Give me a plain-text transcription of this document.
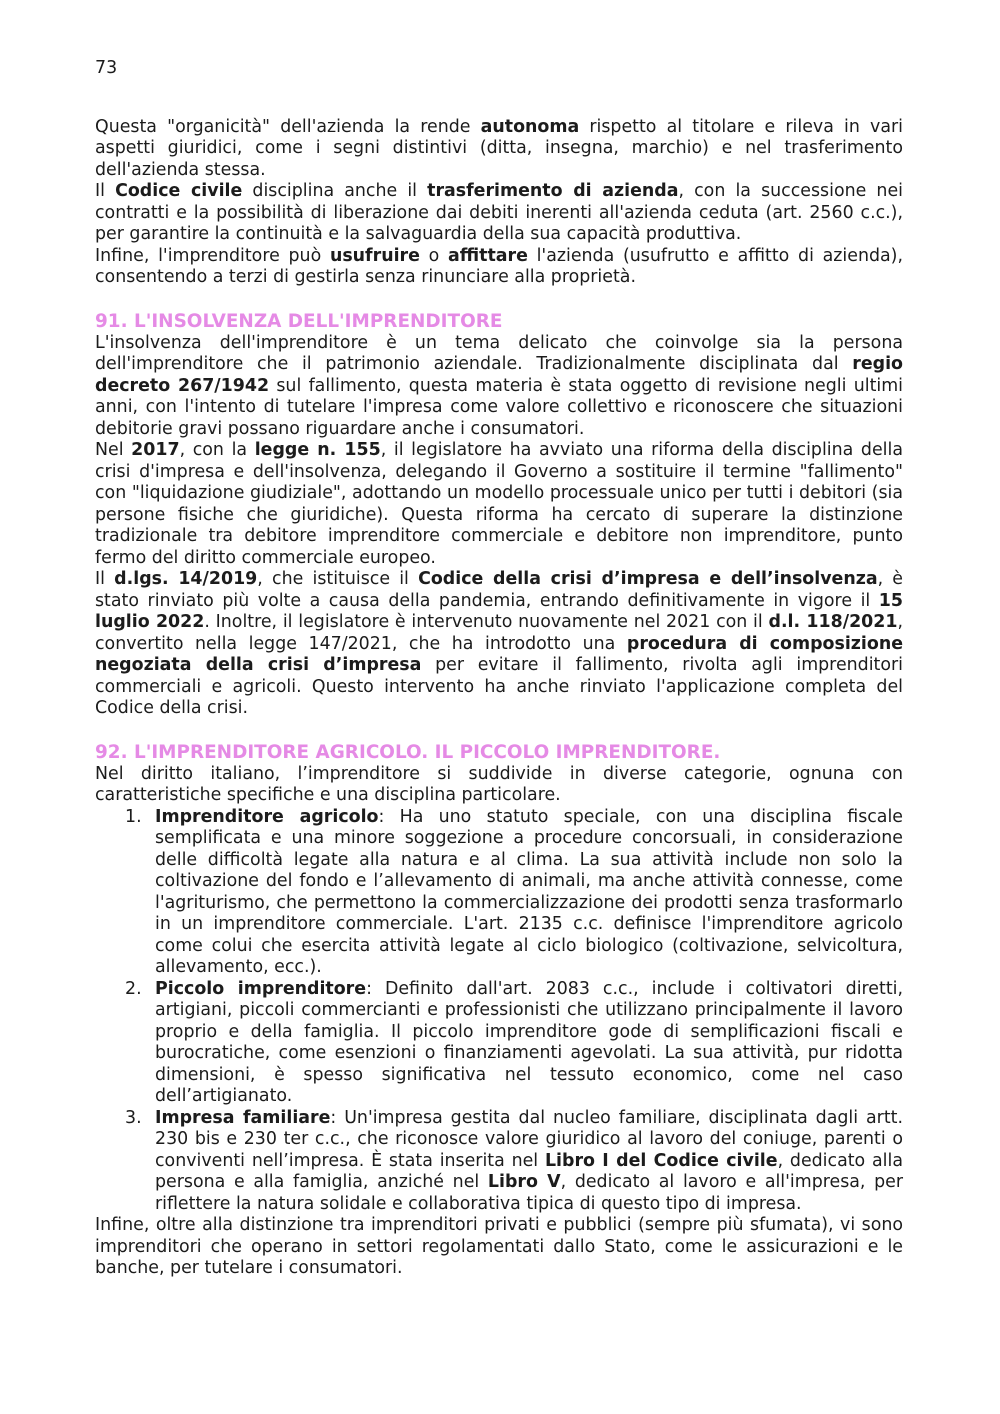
73

Questa "organicità" dell'azienda la rende autonoma rispetto al titolare e rileva in vari aspetti giuridici, come i segni distintivi (ditta, insegna, marchio) e nel trasferimento dell'azienda stessa.

Il Codice civile disciplina anche il trasferimento di azienda, con la successione nei contratti e la possibilità di liberazione dai debiti inerenti all'azienda ceduta (art. 2560 c.c.), per garantire la continuità e la salvaguardia della sua capacità produttiva.

Infine, l'imprenditore può usufruire o affittare l'azienda (usufrutto e affitto di azienda), consentendo a terzi di gestirla senza rinunciare alla proprietà.

91. L'INSOLVENZA DELL'IMPRENDITORE

L'insolvenza dell'imprenditore è un tema delicato che coinvolge sia la persona dell'imprenditore che il patrimonio aziendale. Tradizionalmente disciplinata dal regio decreto 267/1942 sul fallimento, questa materia è stata oggetto di revisione negli ultimi anni, con l'intento di tutelare l'impresa come valore collettivo e riconoscere che situazioni debitorie gravi possano riguardare anche i consumatori.

Nel 2017, con la legge n. 155, il legislatore ha avviato una riforma della disciplina della crisi d'impresa e dell'insolvenza, delegando il Governo a sostituire il termine "fallimento" con "liquidazione giudiziale", adottando un modello processuale unico per tutti i debitori (sia persone fisiche che giuridiche). Questa riforma ha cercato di superare la distinzione tradizionale tra debitore imprenditore commerciale e debitore non imprenditore, punto fermo del diritto commerciale europeo.

Il d.lgs. 14/2019, che istituisce il Codice della crisi d’impresa e dell’insolvenza, è stato rinviato più volte a causa della pandemia, entrando definitivamente in vigore il 15 luglio 2022. Inoltre, il legislatore è intervenuto nuovamente nel 2021 con il d.l. 118/2021, convertito nella legge 147/2021, che ha introdotto una procedura di composizione negoziata della crisi d’impresa per evitare il fallimento, rivolta agli imprenditori commerciali e agricoli. Questo intervento ha anche rinviato l'applicazione completa del Codice della crisi.

92. L'IMPRENDITORE AGRICOLO. IL PICCOLO IMPRENDITORE.

Nel diritto italiano, l’imprenditore si suddivide in diverse categorie, ognuna con caratteristiche specifiche e una disciplina particolare.

1. Imprenditore agricolo: Ha uno statuto speciale, con una disciplina fiscale semplificata e una minore soggezione a procedure concorsuali, in considerazione delle difficoltà legate alla natura e al clima. La sua attività include non solo la coltivazione del fondo e l’allevamento di animali, ma anche attività connesse, come l'agriturismo, che permettono la commercializzazione dei prodotti senza trasformarlo in un imprenditore commerciale. L'art. 2135 c.c. definisce l'imprenditore agricolo come colui che esercita attività legate al ciclo biologico (coltivazione, selvicoltura, allevamento, ecc.).
2. Piccolo imprenditore: Definito dall'art. 2083 c.c., include i coltivatori diretti, artigiani, piccoli commercianti e professionisti che utilizzano principalmente il lavoro proprio e della famiglia. Il piccolo imprenditore gode di semplificazioni fiscali e burocratiche, come esenzioni o finanziamenti agevolati. La sua attività, pur ridotta dimensioni, è spesso significativa nel tessuto economico, come nel caso dell’artigianato.
3. Impresa familiare: Un'impresa gestita dal nucleo familiare, disciplinata dagli artt. 230 bis e 230 ter c.c., che riconosce valore giuridico al lavoro del coniuge, parenti o conviventi nell’impresa. È stata inserita nel Libro I del Codice civile, dedicato alla persona e alla famiglia, anziché nel Libro V, dedicato al lavoro e all'impresa, per riflettere la natura solidale e collaborativa tipica di questo tipo di impresa.

Infine, oltre alla distinzione tra imprenditori privati e pubblici (sempre più sfumata), vi sono imprenditori che operano in settori regolamentati dallo Stato, come le assicurazioni e le banche, per tutelare i consumatori.
